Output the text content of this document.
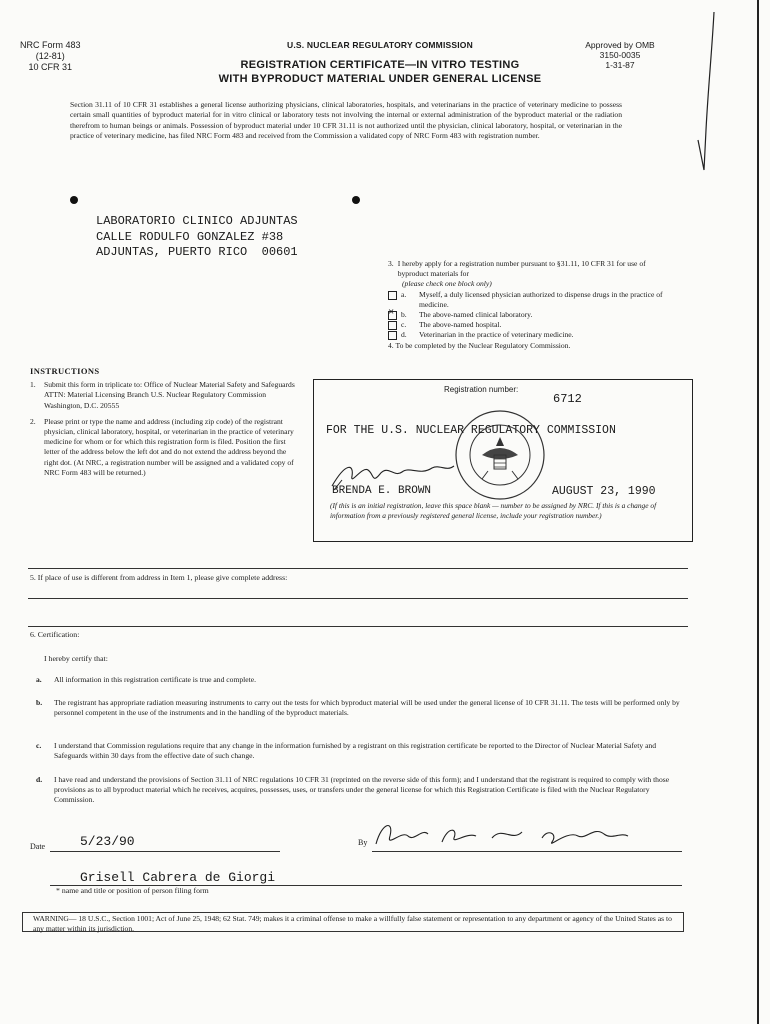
NRC Form 483
(12-81)
10 CFR 31
U.S. NUCLEAR REGULATORY COMMISSION
REGISTRATION CERTIFICATE—IN VITRO TESTING
WITH BYPRODUCT MATERIAL UNDER GENERAL LICENSE
Approved by OMB
3150-0035
1-31-87
Section 31.11 of 10 CFR 31 establishes a general license authorizing physicians, clinical laboratories, hospitals, and veterinarians in the practice of veterinary medicine to possess certain small quantities of byproduct material for in vitro clinical or laboratory tests not involving the internal or external administration of the byproduct material or the radiation therefrom to human beings or animals. Possession of byproduct material under 10 CFR 31.11 is not authorized until the physician, clinical laboratory, hospital, or veterinarian in the practice of veterinary medicine, has filed NRC Form 483 and received from the Commission a validated copy of NRC Form 483 with registration number.
LABORATORIO CLINICO ADJUNTAS
CALLE RODULFO GONZALEZ #38
ADJUNTAS, PUERTO RICO  00601
3. I hereby apply for a registration number pursuant to §31.11, 10 CFR 31 for use of byproduct materials for
(please check one block only)
a.	Myself, a duly licensed physician authorized to dispense drugs in the practice of medicine.
×
b.	The above-named clinical laboratory.
c.	The above-named hospital.
d.	Veterinarian in the practice of veterinary medicine.
4. To be completed by the Nuclear Regulatory Commission.
INSTRUCTIONS
1.	Submit this form in triplicate to: Office of Nuclear Material Safety and Safeguards ATTN: Material Licensing Branch U.S. Nuclear Regulatory Commission Washington, D.C. 20555
2.	Please print or type the name and address (including zip code) of the registrant physician, clinical laboratory, hospital, or veterinarian in the practice of veterinary medicine for whom or for which this registration form is filed. Position the first letter of the address below the left dot and do not extend the address beyond the right dot. (At NRC, a registration number will be assigned and a validated copy of NRC Form 483 will be returned.)
Registration number:
6712
FOR THE U.S. NUCLEAR REGULATORY COMMISSION
BRENDA E. BROWN	AUGUST 23, 1990
(If this is an initial registration, leave this space blank — number to be assigned by NRC. If this is a change of information from a previously registered general license, include your registration number.)
5. If place of use is different from address in Item 1, please give complete address:
6. Certification:
I hereby certify that:
a.	All information in this registration certificate is true and complete.
b. The registrant has appropriate radiation measuring instruments to carry out the tests for which byproduct material will be used under the general license of 10 CFR 31.11. The tests will be performed only by personnel competent in the use of the instruments and in the handling of the byproduct materials.
c.	I understand that Commission regulations require that any change in the information furnished by a registrant on this registration certificate be reported to the Director of Nuclear Material Safety and Safeguards within 30 days from the effective date of such change.
d. I have read and understand the provisions of Section 31.11 of NRC regulations 10 CFR 31 (reprinted on the reverse side of this form); and I understand that the registrant is required to comply with those provisions as to all byproduct material which he receives, acquires, possesses, uses, or transfers under the general license for which this Registration Certificate is filed with the Nuclear Regulatory Commission.
Date	5/23/90	By
Grisell Cabrera de Giorgi
* name and title or position of person filing form
WARNING— 18 U.S.C., Section 1001; Act of June 25, 1948; 62 Stat. 749; makes it a criminal offense to make a willfully false statement or representation to any department or agency of the United States as to any matter within its jurisdiction.
